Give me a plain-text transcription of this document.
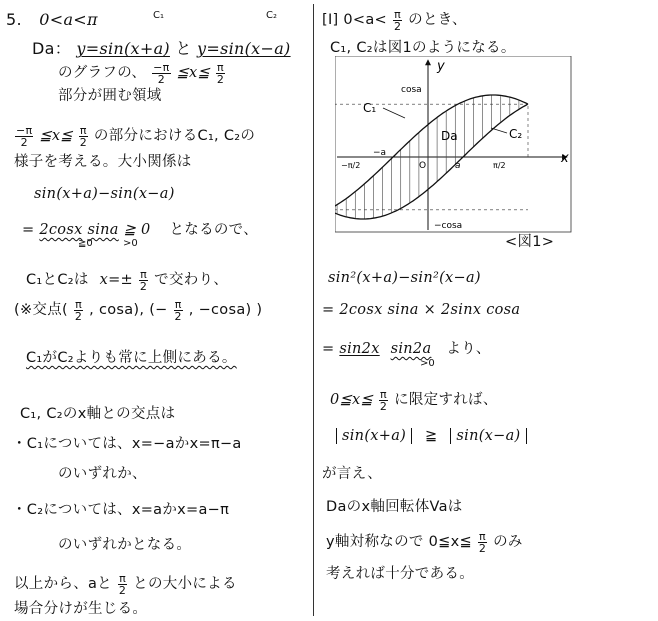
5. 0<a<π	C₁	C₂
Da： y=sin(x+a) と y=sin(x−a)
のグラフの、 $\frac{-\pi}{2}$ ≦x≦ $\frac{\pi}{2}$
部分が囲む領域
$\frac{-\pi}{2}$ ≦x≦ $\frac{\pi}{2}$ の部分におけるC₁, C₂の
様子を考える。大小関係は
sin(x+a)−sin(x−a)
= 2cosx sina ≧ 0 となるので、
≧0	>0
C₁とC₂は $x=\pm \frac{\pi}{2}$ で交わり、
(※交点( $\frac{\pi}{2}$ , cosa), (− $\frac{\pi}{2}$ , −cosa) )
C₁がC₂よりも常に上側にある。
C₁, C₂のx軸との交点は
・C₁については、x=−aかx=π−a
のいずれか、
・C₂については、x=aかx=a−π
のいずれかとなる。
以上から、aと $\frac{\pi}{2}$ との大小による
場合分けが生じる。
[I] $0<a< \frac{\pi}{2}$ のとき、
C₁, C₂は図1のようになる。
y
x
O
cosa
−cosa
−a
a
−π/2	π/2
C₁
C₂
Da
<図1>
sin²(x+a)−sin²(x−a)
= 2cosx sina × 2sinx cosa
= sin2x sin2a より、
>0
0≦x≦ $\frac{\pi}{2}$ に限定すれば、
sin(x+a) ≧ sin(x−a)
が言え、
Daのx軸回転体Vaは
y軸対称なので 0≦x≦ $\frac{\pi}{2}$ のみ
考えれば十分である。
